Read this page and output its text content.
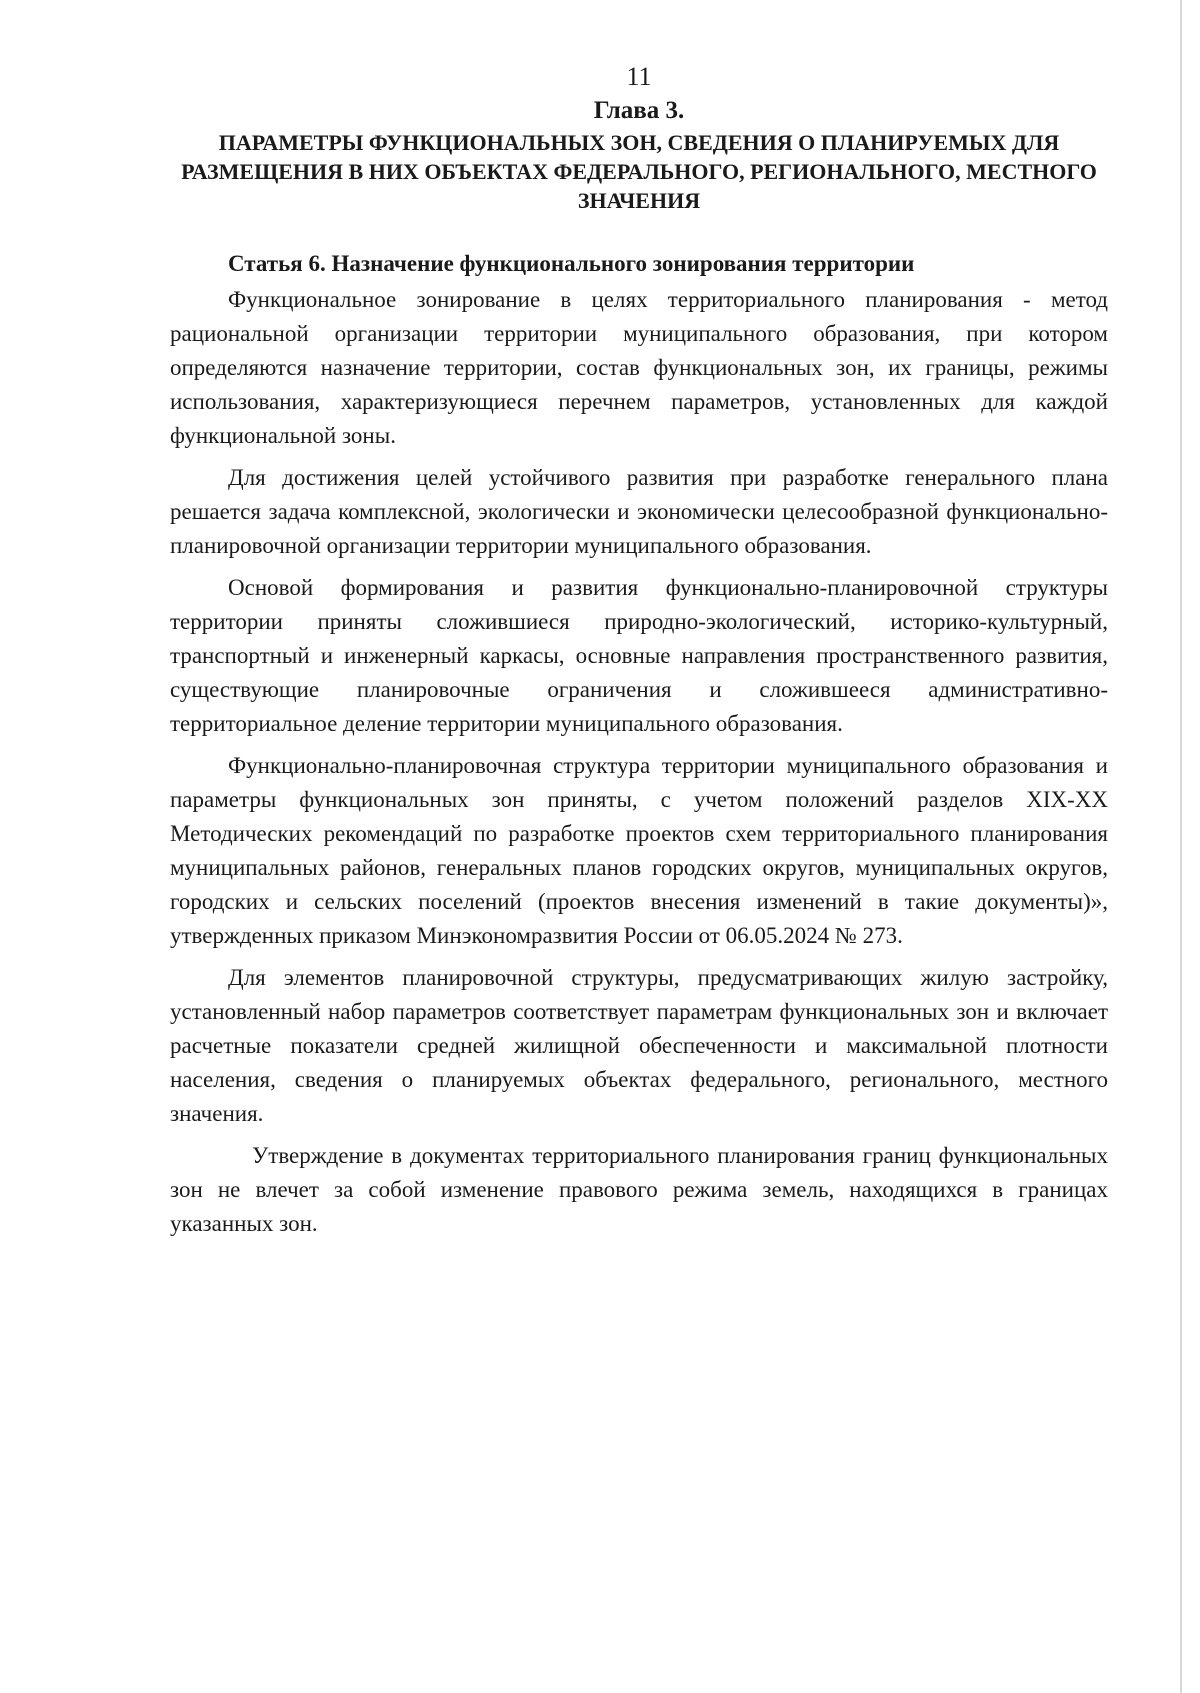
11
Глава 3.
ПАРАМЕТРЫ ФУНКЦИОНАЛЬНЫХ ЗОН, СВЕДЕНИЯ О ПЛАНИРУЕМЫХ ДЛЯ РАЗМЕЩЕНИЯ В НИХ ОБЪЕКТАХ ФЕДЕРАЛЬНОГО, РЕГИОНАЛЬНОГО, МЕСТНОГО ЗНАЧЕНИЯ
Статья 6. Назначение функционального зонирования территории

Функциональное зонирование в целях территориального планирования - метод рациональной организации территории муниципального образования, при котором определяются назначение территории, состав функциональных зон, их границы, режимы использования, характеризующиеся перечнем параметров, установленных для каждой функциональной зоны.

Для достижения целей устойчивого развития при разработке генерального плана решается задача комплексной, экологически и экономически целесообразной функционально-планировочной организации территории муниципального образования.

Основой формирования и развития функционально-планировочной структуры территории приняты сложившиеся природно-экологический, историко-культурный, транспортный и инженерный каркасы, основные направления пространственного развития, существующие планировочные ограничения и сложившееся административно-территориальное деление территории муниципального образования.

Функционально-планировочная структура территории муниципального образования и параметры функциональных зон приняты, с учетом положений разделов XIX-XX Методических рекомендаций по разработке проектов схем территориального планирования муниципальных районов, генеральных планов городских округов, муниципальных округов, городских и сельских поселений (проектов внесения изменений в такие документы)», утвержденных приказом Минэкономразвития России от 06.05.2024 № 273.

Для элементов планировочной структуры, предусматривающих жилую застройку, установленный набор параметров соответствует параметрам функциональных зон и включает расчетные показатели средней жилищной обеспеченности и максимальной плотности населения, сведения о планируемых объектах федерального, регионального, местного значения.

Утверждение в документах территориального планирования границ функциональных зон не влечет за собой изменение правового режима земель, находящихся в границах указанных зон.
